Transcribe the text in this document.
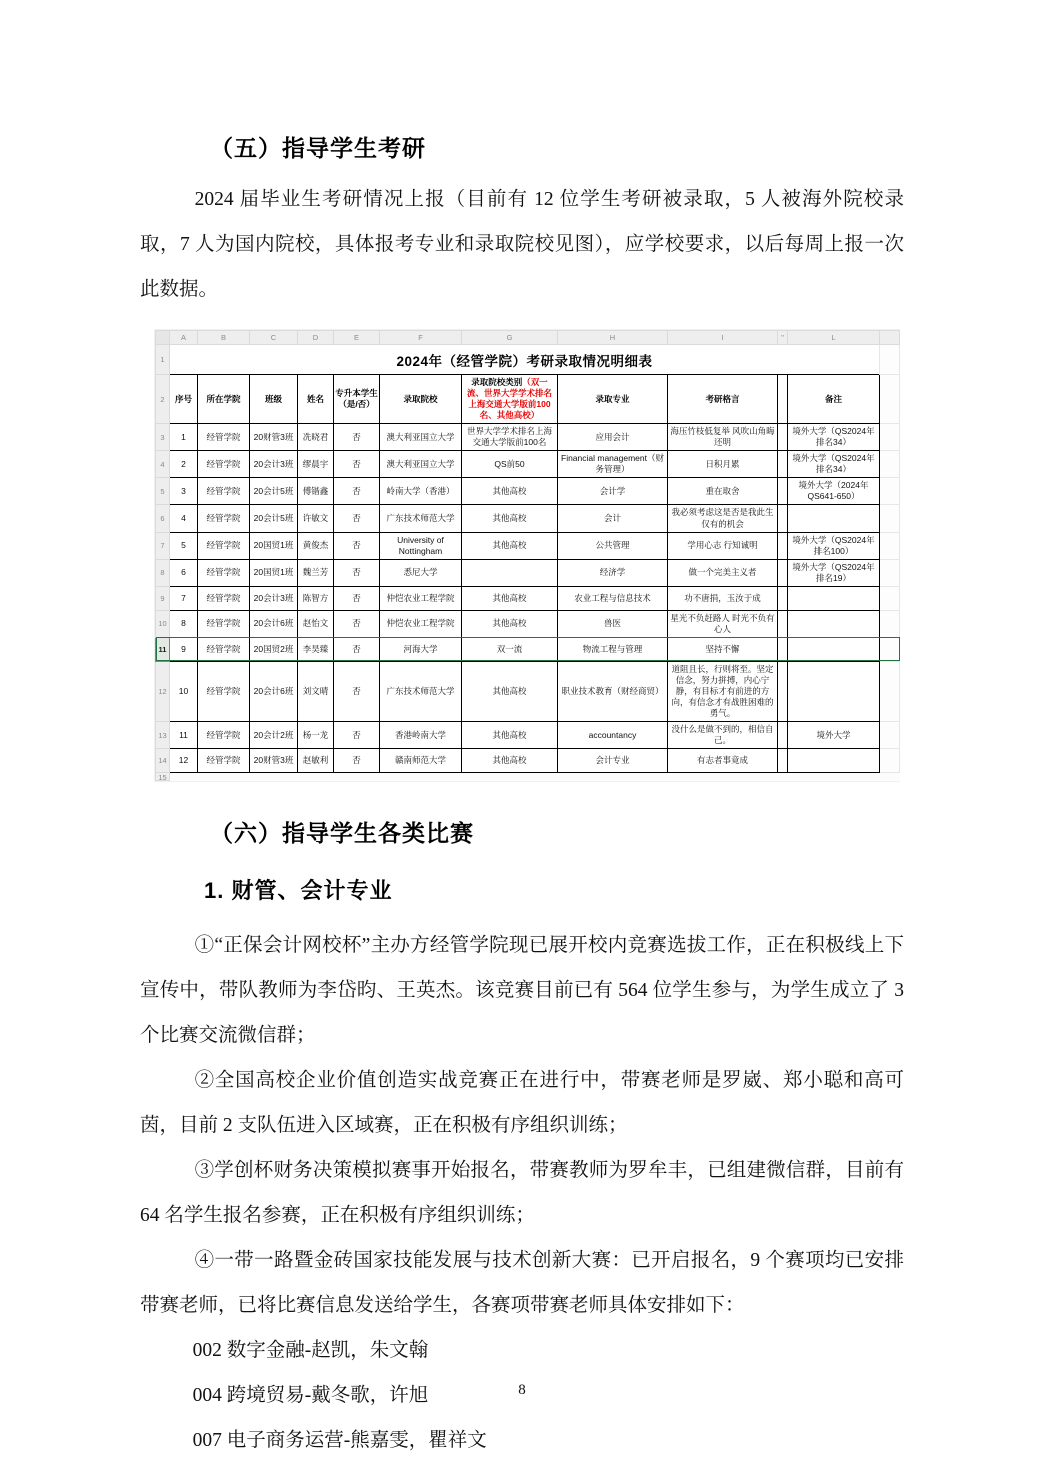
（五）指导学生考研

2024 届毕业生考研情况上报（目前有 12 位学生考研被录取，5 人被海外院校录取，7 人为国内院校，具体报考专业和录取院校见图），应学校要求，以后每周上报一次此数据。

	A	B	C	D	E	F	G	H	I	''	L	
1	2024年（经管学院）考研录取情况明细表											
2	序号	所在学院	班级	姓名	专升本学生（是/否）	录取院校	录取院校类别（双一流、世界大学学术排名上海交通大学版前100名、其他高校）	录取专业	考研格言		备注	
3	1	经管学院	20财管3班	冼晓君	否	澳大利亚国立大学	世界大学学术排名上海交通大学版前100名	应用会计	海压竹枝低复举 风吹山角晦还明		境外大学（QS2024年排名34）	
4	2	经管学院	20会计3班	缪晨宇	否	澳大利亚国立大学	QS前50	Financial management（财务管理）	日积月累		境外大学（QS2024年排名34）	
5	3	经管学院	20会计5班	傅锴鑫	否	岭南大学（香港）	其他高校	会计学	重在取舍		境外大学（2024年QS641-650）	
6	4	经管学院	20会计5班	许敏文	否	广东技术师范大学	其他高校	会计	我必须考虑这是否是我此生仅有的机会			
7	5	经管学院	20国贸1班	黄俊杰	否	University of Nottingham	其他高校	公共管理	学用心志 行知诚明		境外大学（QS2024年排名100）	
8	6	经管学院	20国贸1班	魏兰芳	否	悉尼大学		经济学	做一个完美主义者		境外大学（QS2024年排名19）	
9	7	经管学院	20会计3班	陈智方	否	仲恺农业工程学院	其他高校	农业工程与信息技术	功不唐捐，玉汝于成			
10	8	经管学院	20会计6班	赵怡文	否	仲恺农业工程学院	其他高校	兽医	星光不负赶路人 时光不负有心人			
11	9	经管学院	20国贸2班	李昊臻	否	河海大学	双一流	物流工程与管理	坚持不懈			
12	10	经管学院	20会计6班	刘文晴	否	广东技术师范大学	其他高校	职业技术教育（财经商贸）	道阻且长，行则将至。坚定信念，努力拼搏，内心宁静，有目标才有前进的方向，有信念才有战胜困难的勇气。			
13	11	经管学院	20会计2班	杨一龙	否	香港岭南大学	其他高校	accountancy	没什么是做不到的，相信自己。		境外大学	
14	12	经管学院	20财管3班	赵敏利	否	赣南师范大学	其他高校	会计专业	有志者事竟成			

15												

（六）指导学生各类比赛
1. 财管、会计专业

①“正保会计网校杯”主办方经管学院现已展开校内竞赛选拔工作，正在积极线上下宣传中，带队教师为李岱昀、王英杰。该竞赛目前已有 564 位学生参与，为学生成立了 3 个比赛交流微信群；

②全国高校企业价值创造实战竞赛正在进行中，带赛老师是罗崴、郑小聪和高可茵，目前 2 支队伍进入区域赛，正在积极有序组织训练；

③学创杯财务决策模拟赛事开始报名，带赛教师为罗牟丰，已组建微信群，目前有 64 名学生报名参赛，正在积极有序组织训练；

④一带一路暨金砖国家技能发展与技术创新大赛：已开启报名，9 个赛项均已安排带赛老师，已将比赛信息发送给学生，各赛项带赛老师具体安排如下：

002 数字金融-赵凯，朱文翰

004 跨境贸易-戴冬歌，许旭

007 电子商务运营-熊嘉雯，瞿祥文

8
